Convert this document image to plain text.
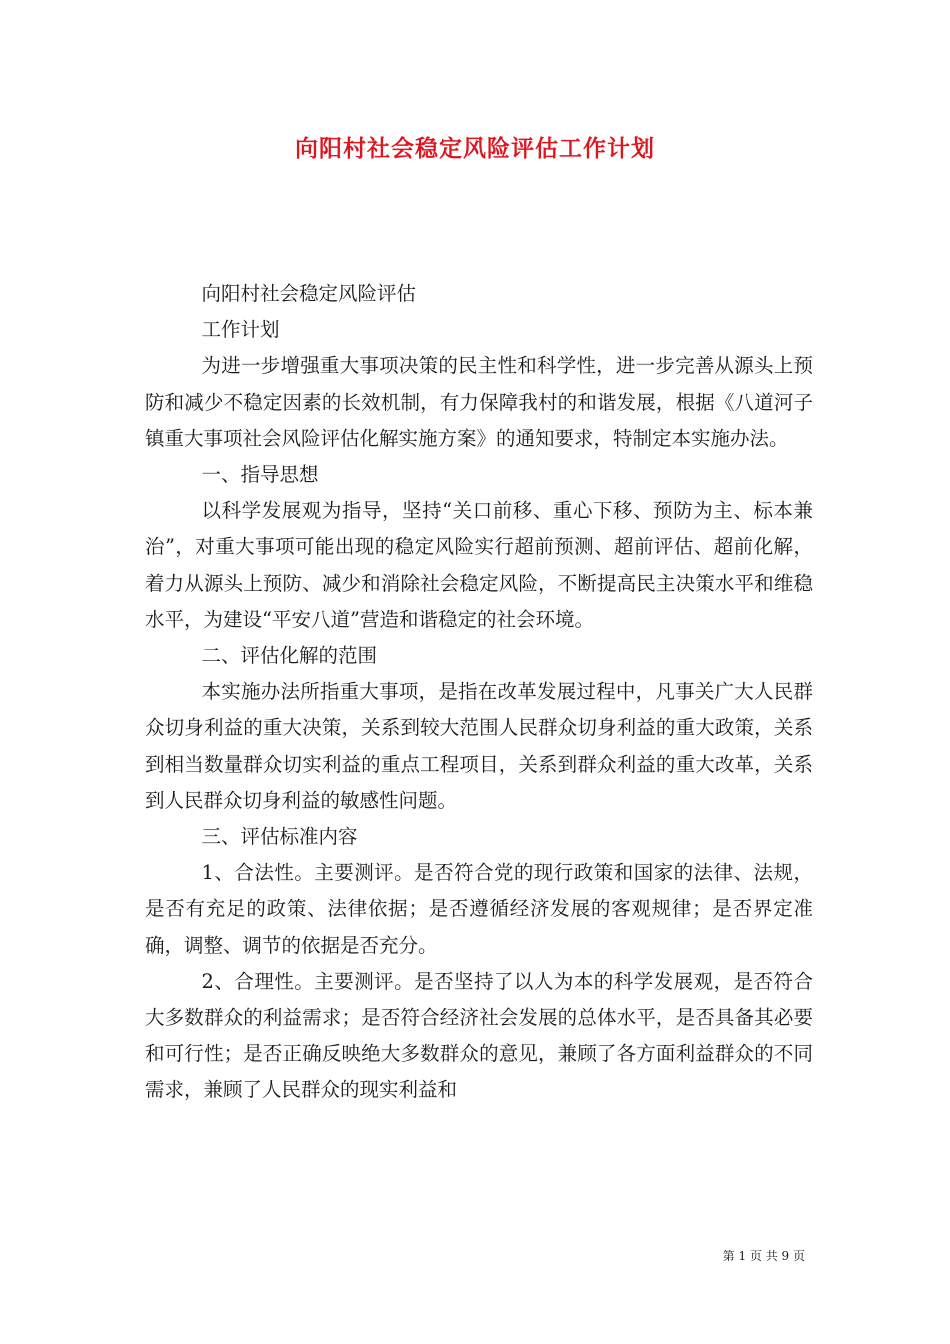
向阳村社会稳定风险评估工作计划

向阳村社会稳定风险评估

工作计划

为进一步增强重大事项决策的民主性和科学性，进一步完善从源头上预防和减少不稳定因素的长效机制，有力保障我村的和谐发展，根据《八道河子镇重大事项社会风险评估化解实施方案》的通知要求，特制定本实施办法。

一、指导思想

以科学发展观为指导，坚持“关口前移、重心下移、预防为主、标本兼治”，对重大事项可能出现的稳定风险实行超前预测、超前评估、超前化解，着力从源头上预防、减少和消除社会稳定风险，不断提高民主决策水平和维稳水平，为建设“平安八道”营造和谐稳定的社会环境。

二、评估化解的范围

本实施办法所指重大事项，是指在改革发展过程中，凡事关广大人民群众切身利益的重大决策，关系到较大范围人民群众切身利益的重大政策，关系到相当数量群众切实利益的重点工程项目，关系到群众利益的重大改革，关系到人民群众切身利益的敏感性问题。

三、评估标准内容

1、合法性。主要测评。是否符合党的现行政策和国家的法律、法规，是否有充足的政策、法律依据；是否遵循经济发展的客观规律；是否界定准确，调整、调节的依据是否充分。

2、合理性。主要测评。是否坚持了以人为本的科学发展观，是否符合大多数群众的利益需求；是否符合经济社会发展的总体水平，是否具备其必要和可行性；是否正确反映绝大多数群众的意见，兼顾了各方面利益群众的不同需求，兼顾了人民群众的现实利益和

第 1 页 共 9 页
